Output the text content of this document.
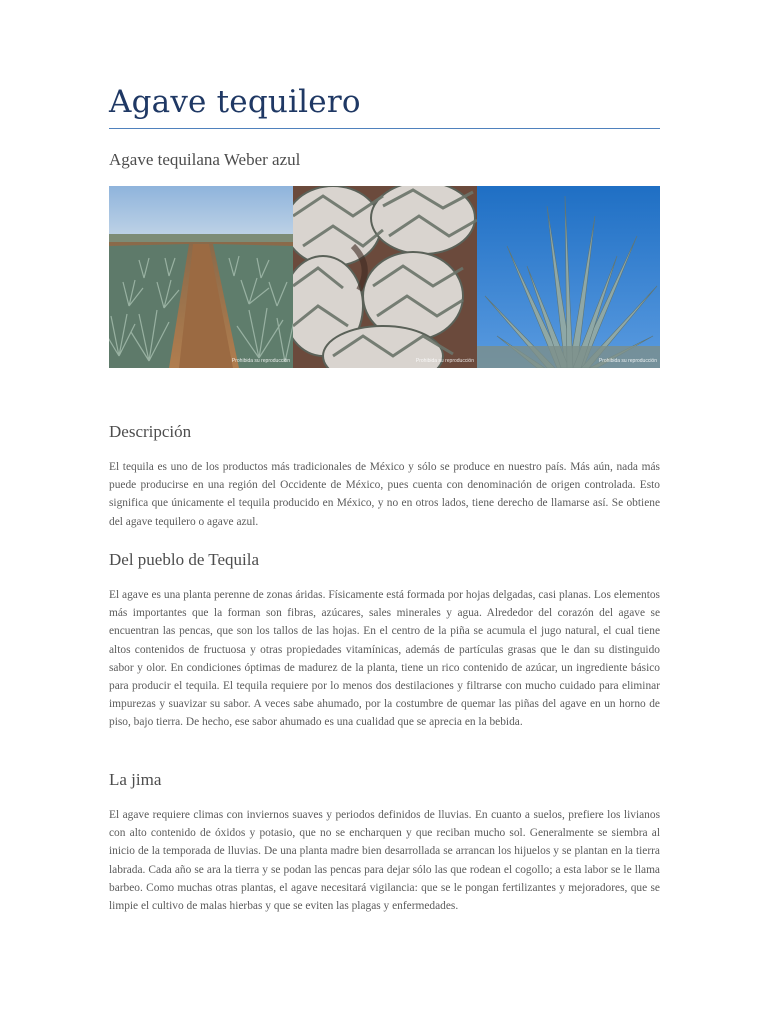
Agave tequilero
Agave tequilana Weber azul
Prohibida su reproducción	Prohibida su reproducción	Prohibida su reproducción
Descripción

El tequila es uno de los productos más tradicionales de México y sólo se produce en nuestro país. Más aún, nada más puede producirse en una región del Occidente de México, pues cuenta con denominación de origen controlada. Esto significa que únicamente el tequila producido en México, y no en otros lados, tiene derecho de llamarse así. Se obtiene del agave tequilero o agave azul.

Del pueblo de Tequila

El agave es una planta perenne de zonas áridas. Físicamente está formada por hojas delgadas, casi planas. Los elementos más importantes que la forman son fibras, azúcares, sales minerales y agua. Alrededor del corazón del agave se encuentran las pencas, que son los tallos de las hojas. En el centro de la piña se acumula el jugo natural, el cual tiene altos contenidos de fructuosa y otras propiedades vitamínicas, además de partículas grasas que le dan su distinguido sabor y olor. En condiciones óptimas de madurez de la planta, tiene un rico contenido de azúcar, un ingrediente básico para producir el tequila. El tequila requiere por lo menos dos destilaciones y filtrarse con mucho cuidado para eliminar impurezas y suavizar su sabor. A veces sabe ahumado, por la costumbre de quemar las piñas del agave en un horno de piso, bajo tierra. De hecho, ese sabor ahumado es una cualidad que se aprecia en la bebida.

La jima

El agave requiere climas con inviernos suaves y periodos definidos de lluvias. En cuanto a suelos, prefiere los livianos con alto contenido de óxidos y potasio, que no se encharquen y que reciban mucho sol. Generalmente se siembra al inicio de la temporada de lluvias. De una planta madre bien desarrollada se arrancan los hijuelos y se plantan en la tierra labrada. Cada año se ara la tierra y se podan las pencas para dejar sólo las que rodean el cogollo; a esta labor se le llama barbeo. Como muchas otras plantas, el agave necesitará vigilancia: que se le pongan fertilizantes y mejoradores, que se limpie el cultivo de malas hierbas y que se eviten las plagas y enfermedades.
